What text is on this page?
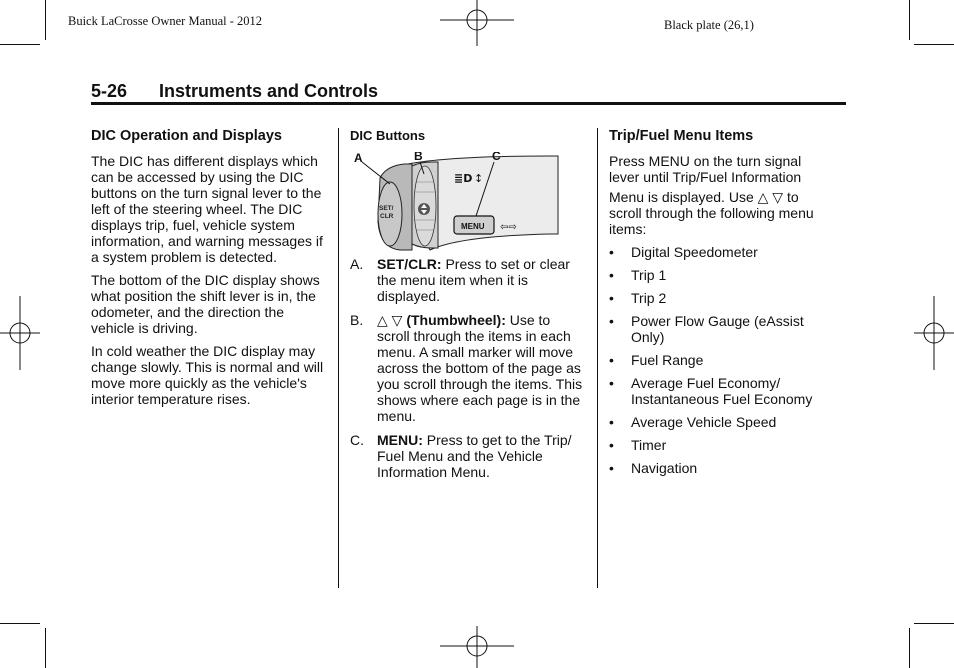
Buick LaCrosse Owner Manual - 2012	Black plate (26,1)
5-26 Instruments and Controls
DIC Operation and Displays

The DIC has different displays which can be accessed by using the DIC buttons on the turn signal lever to the left of the steering wheel. The DIC displays trip, fuel, vehicle system information, and warning messages if a system problem is detected.

The bottom of the DIC display shows what position the shift lever is in, the odometer, and the direction the vehicle is driving.

In cold weather the DIC display may change slowly. This is normal and will move more quickly as the vehicle's interior temperature rises.

DIC Buttons
SET/
CLR
≣D ↕
MENU ⇦⇨
A	B	C
A. SET/CLR: Press to set or clear the menu item when it is displayed.
B. △ ▽ (Thumbwheel): Use to scroll through the items in each menu. A small marker will move across the bottom of the page as you scroll through the items. This shows where each page is in the menu.
C. MENU: Press to get to the Trip/ Fuel Menu and the Vehicle Information Menu.
Trip/Fuel Menu Items

Press MENU on the turn signal lever until Trip/Fuel Information

Menu is displayed. Use △ ▽ to scroll through the following menu items:

• Digital Speedometer
• Trip 1
• Trip 2
• Power Flow Gauge (eAssist Only)
• Fuel Range
• Average Fuel Economy/ Instantaneous Fuel Economy
• Average Vehicle Speed
• Timer
• Navigation
